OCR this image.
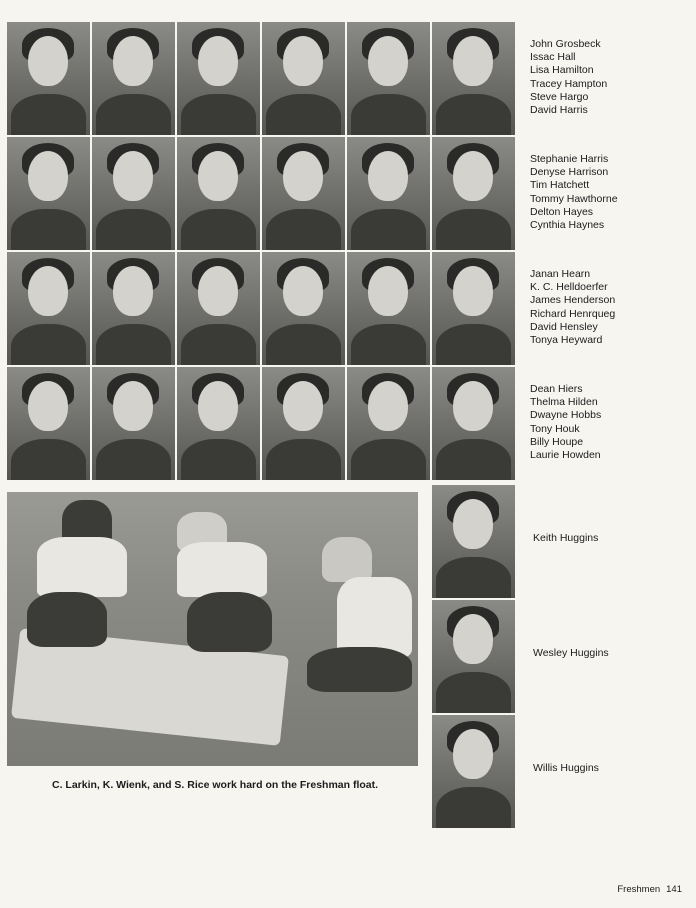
John Grosbeck
Issac Hall
Lisa Hamilton
Tracey Hampton
Steve Hargo
David Harris
Stephanie Harris
Denyse Harrison
Tim Hatchett
Tommy Hawthorne
Delton Hayes
Cynthia Haynes
Janan Hearn
K. C. Helldoerfer
James Henderson
Richard Henrqueg
David Hensley
Tonya Heyward
Dean Hiers
Thelma Hilden
Dwayne Hobbs
Tony Houk
Billy Houpe
Laurie Howden
C. Larkin, K. Wienk, and S. Rice work hard on the Freshman float.
Keith Huggins
Wesley Huggins
Willis Huggins
Freshmen 141
